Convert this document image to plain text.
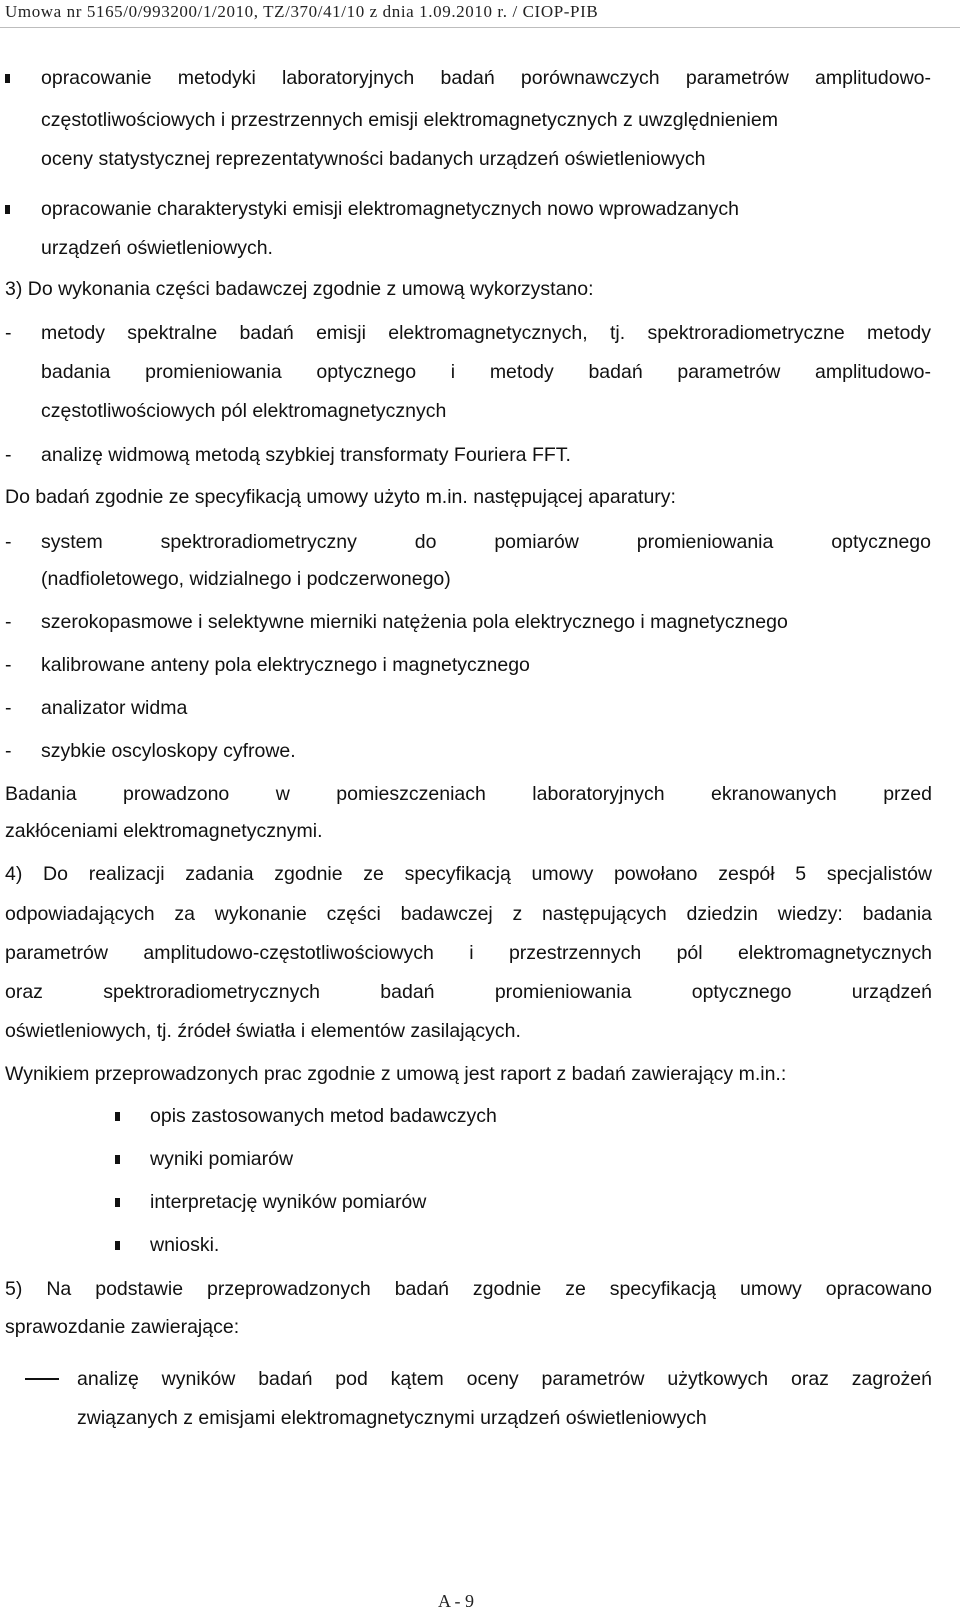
Umowa nr 5165/0/993200/1/2010, TZ/370/41/10 z dnia 1.09.2010 r. / CIOP-PIB
opracowanie metodyki laboratoryjnych badań porównawczych parametrów amplitudowo-
częstotliwościowych i przestrzennych emisji elektromagnetycznych z uwzględnieniem
oceny statystycznej reprezentatywności badanych urządzeń oświetleniowych
opracowanie charakterystyki emisji elektromagnetycznych nowo wprowadzanych
urządzeń oświetleniowych.
3) Do wykonania części badawczej zgodnie z umową wykorzystano:
- metody spektralne badań emisji elektromagnetycznych, tj. spektroradiometryczne metody
badania promieniowania optycznego i metody badań parametrów amplitudowo-
częstotliwościowych pól elektromagnetycznych
- analizę widmową metodą szybkiej transformaty Fouriera FFT.
Do badań zgodnie ze specyfikacją umowy użyto m.in. następującej aparatury:
- system spektroradiometryczny do pomiarów promieniowania optycznego
(nadfioletowego, widzialnego i podczerwonego)
- szerokopasmowe i selektywne mierniki natężenia pola elektrycznego i magnetycznego
- kalibrowane anteny pola elektrycznego i magnetycznego
- analizator widma
- szybkie oscyloskopy cyfrowe.
Badania prowadzono w pomieszczeniach laboratoryjnych ekranowanych przed
zakłóceniami elektromagnetycznymi.
4) Do realizacji zadania zgodnie ze specyfikacją umowy powołano zespół 5 specjalistów
odpowiadających za wykonanie części badawczej z następujących dziedzin wiedzy: badania
parametrów amplitudowo-częstotliwościowych i przestrzennych pól elektromagnetycznych
oraz spektroradiometrycznych badań promieniowania optycznego urządzeń
oświetleniowych, tj. źródeł światła i elementów zasilających.
Wynikiem przeprowadzonych prac zgodnie z umową jest raport z badań zawierający m.in.:
opis zastosowanych metod badawczych
wyniki pomiarów
interpretację wyników pomiarów
wnioski.
5) Na podstawie przeprowadzonych badań zgodnie ze specyfikacją umowy opracowano
sprawozdanie zawierające:
analizę wyników badań pod kątem oceny parametrów użytkowych oraz zagrożeń
związanych z emisjami elektromagnetycznymi urządzeń oświetleniowych
A - 9
